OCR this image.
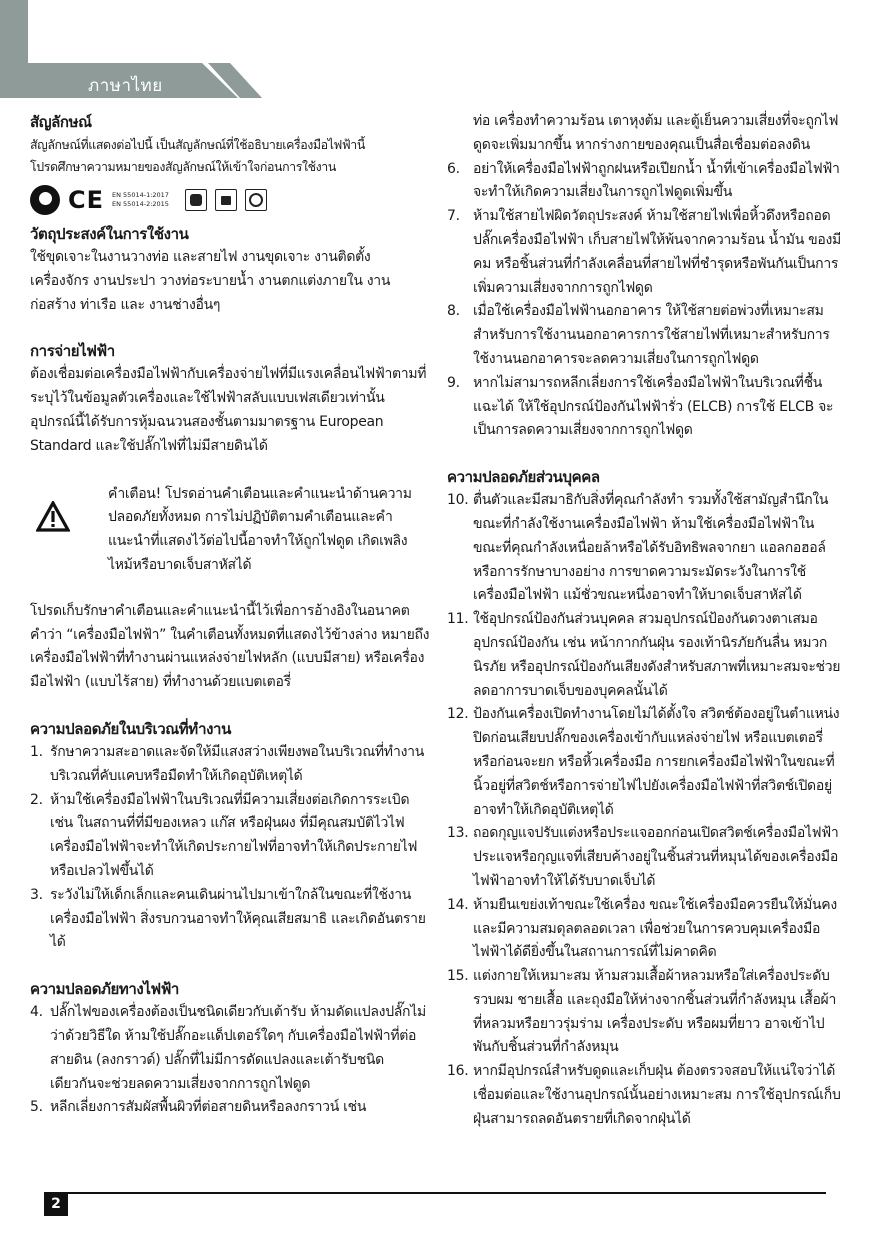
ภาษาไทย
สัญลักษณ์

สัญลักษณ์ที่แสดงต่อไปนี้ เป็นสัญลักษณ์ที่ใช้อธิบายเครื่องมือไฟฟ้านี้

โปรดศึกษาความหมายของสัญลักษณ์ให้เข้าใจก่อนการใช้งาน

CE EN 55014-1:2017
EN 55014-2:2015
วัตถุประสงค์ในการใช้งาน

ใช้ขุดเจาะในงานวางท่อ และสายไฟ งานขุดเจาะ งานติดตั้ง เครื่องจักร งานประปา วางท่อระบายน้ำ งานตกแต่งภายใน งานก่อสร้าง ท่าเรือ และ งานช่างอื่นๆ

การจ่ายไฟฟ้า

ต้องเชื่อมต่อเครื่องมือไฟฟ้ากับเครื่องจ่ายไฟที่มีแรงเคลื่อนไฟฟ้าตามที่ระบุไว้ในข้อมูลตัวเครื่องและใช้ไฟฟ้าสลับแบบเฟสเดียวเท่านั้น อุปกรณ์นี้ได้รับการหุ้มฉนวนสองชั้นตามมาตรฐาน European Standard และใช้ปลั๊กไฟที่ไม่มีสายดินได้

คำเตือน! โปรดอ่านคำเตือนและคำแนะนำด้านความปลอดภัยทั้งหมด การไม่ปฏิบัติตามคำเตือนและคำแนะนำที่แสดงไว้ต่อไปนี้อาจทำให้ถูกไฟดูด เกิดเพลิงไหม้หรือบาดเจ็บสาหัสได้

โปรดเก็บรักษาคำเตือนและคำแนะนำนี้ไว้เพื่อการอ้างอิงในอนาคต คำว่า “เครื่องมือไฟฟ้า” ในคำเตือนทั้งหมดที่แสดงไว้ข้างล่าง หมายถึง เครื่องมือไฟฟ้าที่ทำงานผ่านแหล่งจ่ายไฟหลัก (แบบมีสาย) หรือเครื่องมือไฟฟ้า (แบบไร้สาย) ที่ทำงานด้วยแบตเตอรี่

ความปลอดภัยในบริเวณที่ทำงาน
1. รักษาความสะอาดและจัดให้มีแสงสว่างเพียงพอในบริเวณที่ทำงาน บริเวณที่คับแคบหรือมืดทำให้เกิดอุบัติเหตุได้
2. ห้ามใช้เครื่องมือไฟฟ้าในบริเวณที่มีความเสี่ยงต่อเกิดการระเบิด เช่น ในสถานที่ที่มีของเหลว แก๊ส หรือฝุ่นผง ที่มีคุณสมบัติไวไฟเครื่องมือไฟฟ้าจะทำให้เกิดประกายไฟที่อาจทำให้เกิดประกายไฟหรือเปลวไฟขึ้นได้
3. ระวังไม่ให้เด็กเล็กและคนเดินผ่านไปมาเข้าใกล้ในขณะที่ใช้งานเครื่องมือไฟฟ้า สิ่งรบกวนอาจทำให้คุณเสียสมาธิ และเกิดอันตรายได้
ความปลอดภัยทางไฟฟ้า
4. ปลั๊กไฟของเครื่องต้องเป็นชนิดเดียวกับเต้ารับ ห้ามดัดแปลงปลั๊กไม่ว่าด้วยวิธีใด ห้ามใช้ปลั๊กอะแด็ปเตอร์ใดๆ กับเครื่องมือไฟฟ้าที่ต่อสายดิน (ลงกราวด์) ปลั๊กที่ไม่มีการดัดแปลงและเต้ารับชนิดเดียวกันจะช่วยลดความเสี่ยงจากการถูกไฟดูด
5. หลีกเลี่ยงการสัมผัสพื้นผิวที่ต่อสายดินหรือลงกราวน์ เช่น

ท่อ เครื่องทำความร้อน เตาหุงต้ม และตู้เย็นความเสี่ยงที่จะถูกไฟดูดจะเพิ่มมากขึ้น หากร่างกายของคุณเป็นสื่อเชื่อมต่อลงดิน

6. อย่าให้เครื่องมือไฟฟ้าถูกฝนหรือเปียกน้ำ น้ำที่เข้าเครื่องมือไฟฟ้า จะทำให้เกิดความเสี่ยงในการถูกไฟดูดเพิ่มขึ้น
7. ห้ามใช้สายไฟผิดวัตถุประสงค์ ห้ามใช้สายไฟเพื่อหิ้วดึงหรือถอดปลั๊กเครื่องมือไฟฟ้า เก็บสายไฟให้พ้นจากความร้อน น้ำมัน ของมีคม หรือชิ้นส่วนที่กำลังเคลื่อนที่สายไฟที่ชำรุดหรือพันกันเป็นการเพิ่มความเสี่ยงจากการถูกไฟดูด
8. เมื่อใช้เครื่องมือไฟฟ้านอกอาคาร ให้ใช้สายต่อพ่วงที่เหมาะสมสำหรับการใช้งานนอกอาคารการใช้สายไฟที่เหมาะสำหรับการใช้งานนอกอาคารจะลดความเสี่ยงในการถูกไฟดูด
9. หากไม่สามารถหลีกเลี่ยงการใช้เครื่องมือไฟฟ้าในบริเวณที่ชื้นแฉะได้ ให้ใช้อุปกรณ์ป้องกันไฟฟ้ารั่ว (ELCB) การใช้ ELCB จะเป็นการลดความเสี่ยงจากการถูกไฟดูด
ความปลอดภัยส่วนบุคคล
10. ตื่นตัวและมีสมาธิกับสิ่งที่คุณกำลังทำ รวมทั้งใช้สามัญสำนึกในขณะที่กำลังใช้งานเครื่องมือไฟฟ้า ห้ามใช้เครื่องมือไฟฟ้าในขณะที่คุณกำลังเหนื่อยล้าหรือได้รับอิทธิพลจากยา แอลกอฮอล์ หรือการรักษาบางอย่าง การขาดความระมัดระวังในการใช้เครื่องมือไฟฟ้า แม้ชั่วขณะหนึ่งอาจทำให้บาดเจ็บสาหัสได้
11. ใช้อุปกรณ์ป้องกันส่วนบุคคล สวมอุปกรณ์ป้องกันดวงตาเสมอ อุปกรณ์ป้องกัน เช่น หน้ากากกันฝุ่น รองเท้านิรภัยกันลื่น หมวกนิรภัย หรืออุปกรณ์ป้องกันเสียงดังสำหรับสภาพที่เหมาะสมจะช่วยลดอาการบาดเจ็บของบุคคลนั้นได้
12. ป้องกันเครื่องเปิดทำงานโดยไม่ได้ตั้งใจ สวิตช์ต้องอยู่ในตำแหน่งปิดก่อนเสียบปลั๊กของเครื่องเข้ากับแหล่งจ่ายไฟ หรือแบตเตอรี่ หรือก่อนจะยก หรือหิ้วเครื่องมือ การยกเครื่องมือไฟฟ้าในขณะที่นิ้วอยู่ที่สวิตช์หรือการจ่ายไฟไปยังเครื่องมือไฟฟ้าที่สวิตช์เปิดอยู่ อาจทำให้เกิดอุบัติเหตุได้
13. ถอดกุญแจปรับแต่งหรือประแจออกก่อนเปิดสวิตช์เครื่องมือไฟฟ้า ประแจหรือกุญแจที่เสียบค้างอยู่ในชิ้นส่วนที่หมุนได้ของเครื่องมือไฟฟ้าอาจทำให้ได้รับบาดเจ็บได้
14. ห้ามยืนเขย่งเท้าขณะใช้เครื่อง ขณะใช้เครื่องมือควรยืนให้มั่นคงและมีความสมดุลตลอดเวลา เพื่อช่วยในการควบคุมเครื่องมือไฟฟ้าได้ดียิ่งขึ้นในสถานการณ์ที่ไม่คาดคิด
15. แต่งกายให้เหมาะสม ห้ามสวมเสื้อผ้าหลวมหรือใส่เครื่องประดับ รวบผม ชายเสื้อ และถุงมือให้ห่างจากชิ้นส่วนที่กำลังหมุน เสื้อผ้าที่หลวมหรือยาวรุ่มร่าม เครื่องประดับ หรือผมที่ยาว อาจเข้าไปพันกับชิ้นส่วนที่กำลังหมุน
16. หากมีอุปกรณ์สำหรับดูดและเก็บฝุ่น ต้องตรวจสอบให้แน่ใจว่าได้เชื่อมต่อและใช้งานอุปกรณ์นั้นอย่างเหมาะสม การใช้อุปกรณ์เก็บฝุ่นสามารถลดอันตรายที่เกิดจากฝุ่นได้
2
